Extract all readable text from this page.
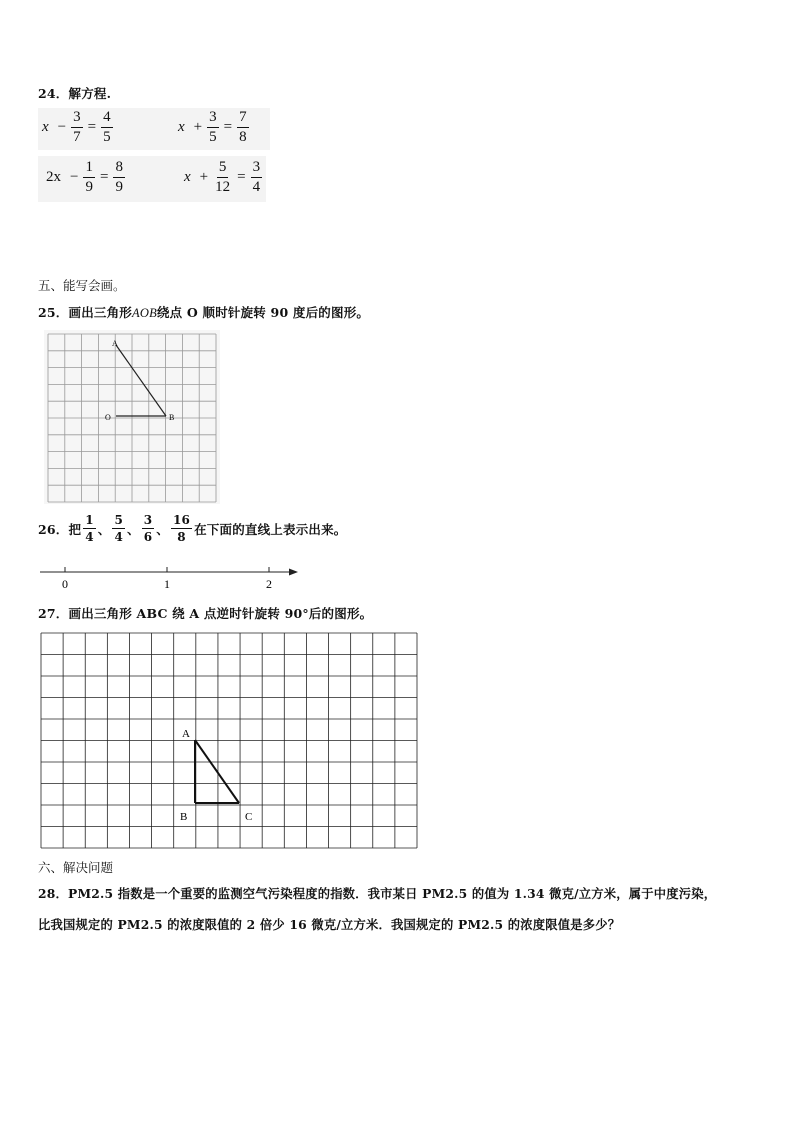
24．解方程.
$x - \frac{3}{7} = \frac{4}{5}$	$x + \frac{3}{5} = \frac{7}{8}$
$2x - \frac{1}{9} = \frac{8}{9}$	$x + \frac{5}{12} = \frac{3}{4}$
五、能写会画。
25．画出三角形AOB绕点 O 顺时针旋转 90 度后的图形。
A
O	B
26．把
1
4
、
5
4
、
3
6
、
16
8
在下面的直线上表示出来。
0	1	2
27．画出三角形 ABC 绕 A 点逆时针旋转 90°后的图形。
A
B	C
六、解决问题
28．PM2.5 指数是一个重要的监测空气污染程度的指数．我市某日 PM2.5 的值为 1.34 微克/立方米，属于中度污染，
比我国规定的 PM2.5 的浓度限值的 2 倍少 16 微克/立方米．我国规定的 PM2.5 的浓度限值是多少？
